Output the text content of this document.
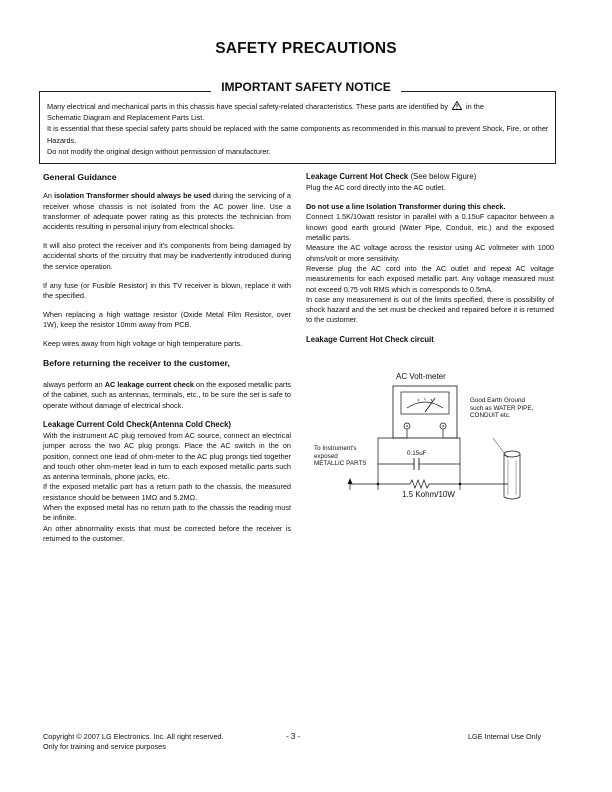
SAFETY PRECAUTIONS
IMPORTANT SAFETY NOTICE

Many electrical and mechanical parts in this chassis have special safety-related characteristics. These parts are identified by in the

Schematic Diagram and Replacement Parts List.

It is essential that these special safety parts should be replaced with the same components as recommended in this manual to prevent Shock, Fire, or other Hazards.

Do not modify the original design without permission of manufacturer.

General Guidance

An isolation Transformer should always be used during the servicing of a receiver whose chassis is not isolated from the AC power line. Use a transformer of adequate power rating as this protects the technician from accidents resulting in personal injury from electrical shocks.

It will also protect the receiver and it's components from being damaged by accidental shorts of the circuitry that may be inadvertently introduced during the service operation.

If any fuse (or Fusible Resistor) in this TV receiver is blown, replace it with the specified.

When replacing a high wattage resistor (Oxide Metal Film Resistor, over 1W), keep the resistor 10mm away from PCB.

Keep wires away from high voltage or high temperature parts.

Before returning the receiver to the customer,

always perform an AC leakage current check on the exposed metallic parts of the cabinet, such as antennas, terminals, etc., to be sure the set is safe to operate without damage of electrical shock.

Leakage Current Cold Check(Antenna Cold Check)

With the instrument AC plug removed from AC source, connect an electrical jumper across the two AC plug prongs. Place the AC switch in the on position, connect one lead of ohm-meter to the AC plug prongs tied together and touch other ohm-meter lead in turn to each exposed metallic parts such as antenna terminals, phone jacks, etc.

If the exposed metallic part has a return path to the chassis, the measured resistance should be between 1MΩ and 5.2MΩ.

When the exposed metal has no return path to the chassis the reading must be infinite.

An other abnormality exists that must be corrected before the receiver is returned to the customer.

Leakage Current Hot Check (See below Figure)

Plug the AC cord directly into the AC outlet.

Do not use a line Isolation Transformer during this check.

Connect 1.5K/10watt resistor in parallel with a 0.15uF capacitor between a known good earth ground (Water Pipe, Conduit, etc.) and the exposed metallic parts.

Measure the AC voltage across the resistor using AC voltmeter with 1000 ohms/volt or more sensitivity.

Reverse plug the AC cord into the AC outlet and repeat AC voltage measurements for each exposed metallic part. Any voltage measured must not exceed 0.75 volt RMS which is corresponds to 0.5mA.

In case any measurement is out of the limits specified, there is possibility of shock hazard and the set must be checked and repaired before it is returned to the customer.

Leakage Current Hot Check circuit
AC Volt-meter
0.15uF
1.5 Kohm/10W
To Instrument's
exposed
METALLIC PARTS
Good Earth Ground
such as WATER PIPE,
CONDUIT etc.
Copyright © 2007 LG Electronics. Inc. All right reserved.
Only for training and service purposes
- 3 -	LGE Internal Use Only
